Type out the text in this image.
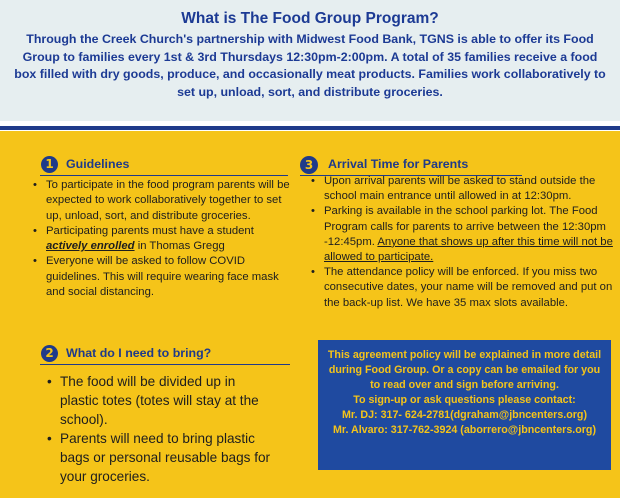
What is The Food Group Program?

Through the Creek Church's partnership with Midwest Food Bank, TGNS is able to offer its Food Group to families every 1st & 3rd Thursdays 12:30pm-2:00pm. A total of 35 families receive a food box filled with dry goods, produce, and occasionally meat products. Families work collaboratively to set up, unload, sort, and distribute groceries.

1 Guidelines
• To participate in the food program parents will be expected to work collaboratively together to set up, unload, sort, and distribute groceries.
• Participating parents must have a student actively enrolled in Thomas Gregg
• Everyone will be asked to follow COVID guidelines. This will require wearing face mask and social distancing.
2 What do I need to bring?
• The food will be divided up in plastic totes (totes will stay at the school).
• Parents will need to bring plastic bags or personal reusable bags for your groceries.
3	Arrival Time for Parents
• Upon arrival parents will be asked to stand outside the school main entrance until allowed in at 12:30pm.
• Parking is available in the school parking lot. The Food Program calls for parents to arrive between the 12:30pm -12:45pm. Anyone that shows up after this time will not be allowed to participate.
• The attendance policy will be enforced. If you miss two consecutive dates, your name will be removed and put on the back-up list. We have 35 max slots available.
This agreement policy will be explained in more detail
during Food Group. Or a copy can be emailed for you
to read over and sign before arriving.
To sign-up or ask questions please contact:
Mr. DJ: 317- 624-2781(dgraham@jbncenters.org)
Mr. Alvaro: 317-762-3924 (aborrero@jbncenters.org)
